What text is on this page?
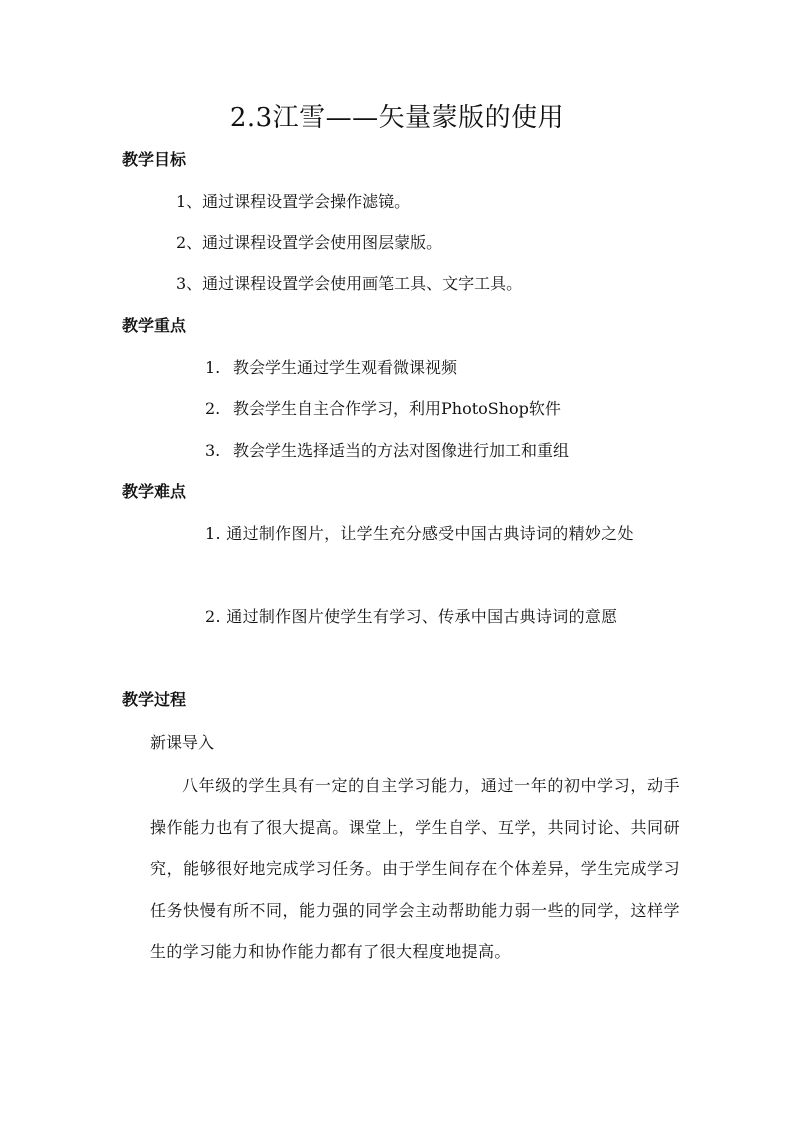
2.3江雪——矢量蒙版的使用
教学目标
1、通过课程设置学会操作滤镜。
2、通过课程设置学会使用图层蒙版。
3、通过课程设置学会使用画笔工具、文字工具。
教学重点
1. 教会学生通过学生观看微课视频
2. 教会学生自主合作学习，利用PhotoShop软件
3. 教会学生选择适当的方法对图像进行加工和重组
教学难点
1. 通过制作图片，让学生充分感受中国古典诗词的精妙之处
2. 通过制作图片使学生有学习、传承中国古典诗词的意愿
教学过程
新课导入
八年级的学生具有一定的自主学习能力，通过一年的初中学习，动手操作能力也有了很大提高。课堂上，学生自学、互学，共同讨论、共同研究，能够很好地完成学习任务。由于学生间存在个体差异，学生完成学习任务快慢有所不同，能力强的同学会主动帮助能力弱一些的同学，这样学生的学习能力和协作能力都有了很大程度地提高。
